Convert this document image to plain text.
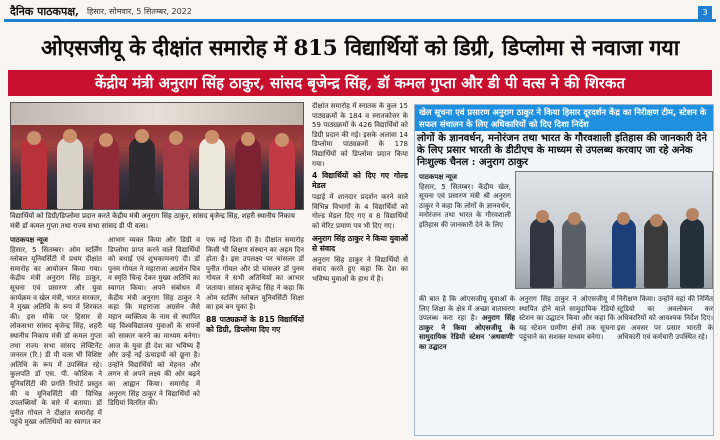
दैनिक पाठकपक्ष, हिसार, सोमवार, 5 सितम्बर, 2022	3
ओएसजीयू के दीक्षांत समारोह में 815 विद्यार्थियों को डिग्री, डिप्लोमा से नवाजा गया
केंद्रीय मंत्री अनुराग सिंह ठाकुर, सांसद बृजेन्द्र सिंह, डॉ कमल गुप्ता और डी पी वत्स ने की शिरकत
विद्यार्थियों को डिग्री/डिप्लोमा प्रदान करते केंद्रीय मंत्री अनुराग सिंह ठाकुर, सांसद बृजेन्द्र सिंह, शहरी स्थानीय निकाय मंत्री डॉ कमल गुप्ता तथा राज्य सभा सांसद डी पी वत्स।
पाठकपक्ष न्यूज
हिसार, 5 सितम्बर। ओम स्टर्लिंग ग्लोबल यूनिवर्सिटी में प्रथम दीक्षांत समारोह का आयोजन किया गया। केंद्रीय मंत्री अनुराग सिंह ठाकुर, सूचना एवं प्रसारण और युवा कार्यक्रम व खेल मंत्री, भारत सरकार, ने मुख्य अतिथि के रूप में शिरकत की। इस मौके पर हिसार से लोकसभा सांसद बृजेन्द्र सिंह, शहरी स्थानीय निकाय मंत्री डॉ कमल गुप्ता तथा राज्य सभा सांसद लेफ्टिनेंट जनरल (रि.) डी पी वत्स भी विशिष्ट अतिथि के रूप में उपस्थित रहे। कुलपति डॉ एस. पी. कौशिक ने यूनिवर्सिटी की प्रगति रिपोर्ट प्रस्तुत की व यूनिवर्सिटी की विभिन्न उपलब्धियों के बारे में बताया। डॉ पुनीत गोयल ने दीक्षांत समारोह में पहुंचे मुख्य अतिथियों का स्वागत कर
आभार व्यक्त किया और डिग्री व डिप्लोमा प्राप्त करने वाले विद्यार्थियों को बधाई एवं शुभकामनाएं दी। डॉ पुनम गोयल ने महाराजा अग्रसेन चित्र व स्मृति चिन्ह देकर मुख्य अतिथि का स्वागत किया। अपने संबोधन में केंद्रीय मंत्री अनुराग सिंह ठाकुर ने कहा कि महाराजा अग्रसेन जैसे महान व्यक्तित्व के नाम से स्थापित यह विश्वविद्यालय युवाओं के सपनों को साकार करने का माध्यम बनेगा। आज के युवा ही देश का भविष्य हैं और उन्हें नई ऊंचाइयों को छूना है। उन्होंने विद्यार्थियों को मेहनत और लगन से अपने लक्ष्य की ओर बढ़ने का आह्वान किया। समारोह में अनुराग सिंह ठाकुर ने विद्यार्थियों को डिग्रियां वितरित की।
एक नई दिशा दी है। दीक्षांत समारोह किसी भी शिक्षण संस्थान का अहम दिन होता है। इस उपलक्ष्य पर चांसलर डॉ पुनीत गोयल और प्रो चांसलर डॉ पुनम गोयल ने सभी अतिथियों का आभार जताया। सांसद बृजेन्द्र सिंह ने कहा कि ओम स्टर्लिंग ग्लोबल यूनिवर्सिटी शिक्षा का हब बन चुका है।
88 पाठ्यक्रमों के 815 विद्यार्थियों को डिग्री, डिप्लोमा दिए गए
दीक्षांत समारोह में स्नातक के कुल 15 पाठ्यक्रमों के 184 व स्नातकोत्तर के 59 पाठ्यक्रमों के 426 विद्यार्थियों को डिग्री प्रदान की गई। इसके अलावा 14 डिप्लोमा पाठ्यक्रमों के 178 विद्यार्थियों को डिप्लोमा प्रदान किया गया।
4 विद्यार्थियों को दिए गए गोल्ड मेडल
पढ़ाई में शानदार प्रदर्शन करने वाले विभिन्न विभागों के 4 विद्यार्थियों को गोल्ड मेडल दिए गए व 8 विद्यार्थियों को मेरिट प्रमाण पत्र भी दिए गए।
अनुराग सिंह ठाकुर ने किया युवाओं से संवाद
अनुराग सिंह ठाकुर ने विद्यार्थियों से संवाद करते हुए कहा कि देश का भविष्य युवाओं के हाथ में है।
खेल सूचना एवं प्रसारण अनुराग ठाकुर ने किया हिसार दूरदर्शन केंद्र का निरीक्षण टीम, स्टेशन के सफल संचालन के लिए अधिकारियों को दिए दिशा निर्देश
लोगों के ज्ञानवर्धन, मनोरंजन तथा भारत के गौरवशाली इतिहास की जानकारी देने के लिए प्रसार भारती के डीटीएच के माध्यम से उपलब्ध करवाए जा रहे अनेक निःशुल्क चैनल : अनुराग ठाकुर
पाठकपक्ष न्यूज
हिसार, 5 सितम्बर। केंद्रीय खेल, सूचना एवं प्रसारण मंत्री श्री अनुराग ठाकुर ने कहा कि लोगों के ज्ञानवर्धन, मनोरंजन तथा भारत के गौरवशाली इतिहास की जानकारी देने के लिए
की बात है कि ओएसजीयू युवाओं के लिए शिक्षा के क्षेत्र में अच्छा वातावरण उपलब्ध करा रहा है। अनुराग सिंह ठाकुर ने किया ओएसजीयू के सामुदायिक रेडियो स्टेशन 'अथवाणी' का उद्घाटन
अनुराग सिंह ठाकुर ने ओएसजीयू में स्थापित होने वाले सामुदायिक रेडियो स्टेशन का उद्घाटन किया और कहा कि यह स्टेशन ग्रामीण क्षेत्रों तक सूचना पहुंचाने का सशक्त माध्यम बनेगा।
निरीक्षण किया। उन्होंने यहां की निर्मित स्टूडियो का अवलोकन कर अधिकारियों को आवश्यक निर्देश दिए। इस अवसर पर प्रसार भारती के अधिकारी एवं कर्मचारी उपस्थित रहे।
